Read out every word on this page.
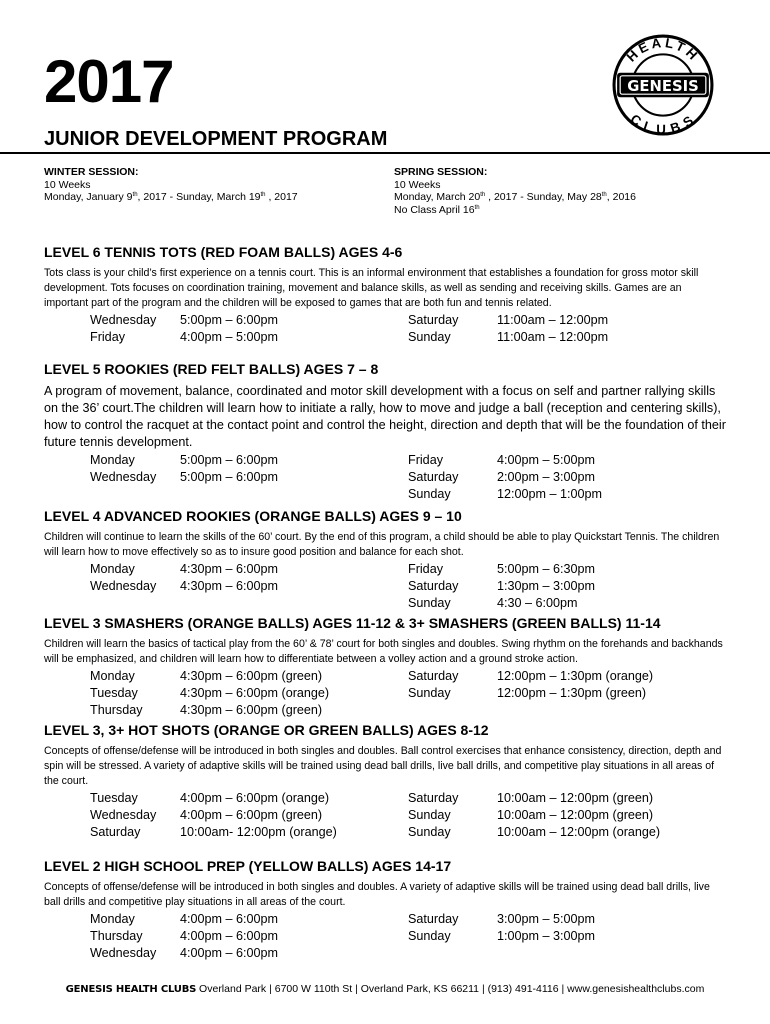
2017	HEALTH
CLUBS
GENESIS
JUNIOR DEVELOPMENT PROGRAM
WINTER SESSION:
10 Weeks
Monday, January 9th, 2017 - Sunday, March 19th , 2017
SPRING SESSION:
10 Weeks
Monday, March 20th , 2017 - Sunday, May 28th, 2016
No Class April 16th
LEVEL 6 TENNIS TOTS (RED FOAM BALLS) AGES 4-6

Tots class is your child’s first experience on a tennis court. This is an informal environment that establishes a foundation for gross motor skill development. Tots focuses on coordination training, movement and balance skills, as well as sending and receiving skills. Games are an important part of the program and the children will be exposed to games that are both fun and tennis related.

Wednesday 5:00pm – 6:00pm	Saturday	11:00am – 12:00pm
Friday	4:00pm – 5:00pm	Sunday	11:00am – 12:00pm
LEVEL 5 ROOKIES (RED FELT BALLS) AGES 7 – 8

A program of movement, balance, coordinated and motor skill development with a focus on self and partner rallying skills on the 36’ court.The children will learn how to initiate a rally, how to move and judge a ball (reception and centering skills), how to control the racquet at the contact point and control the height, direction and depth that will be the foundation of their future tennis development.

Monday	5:00pm – 6:00pm	Friday	4:00pm – 5:00pm
Wednesday 5:00pm – 6:00pm	Saturday	2:00pm – 3:00pm
Sunday	12:00pm – 1:00pm
LEVEL 4 ADVANCED ROOKIES (ORANGE BALLS) AGES 9 – 10

Children will continue to learn the skills of the 60’ court. By the end of this program, a child should be able to play Quickstart Tennis. The children will learn how to move effectively so as to insure good position and balance for each shot.

Monday	4:30pm – 6:00pm	Friday	5:00pm – 6:30pm
Wednesday 4:30pm – 6:00pm	Saturday	1:30pm – 3:00pm
Sunday	4:30 – 6:00pm
LEVEL 3 SMASHERS (ORANGE BALLS) AGES 11-12 & 3+ SMASHERS (GREEN BALLS) 11-14

Children will learn the basics of tactical play from the 60’ & 78’ court for both singles and doubles. Swing rhythm on the forehands and backhands will be emphasized, and children will learn how to differentiate between a volley action and a ground stroke action.

Monday	4:30pm – 6:00pm (green)	Saturday	12:00pm – 1:30pm (orange)
Tuesday	4:30pm – 6:00pm (orange)	Sunday	12:00pm – 1:30pm (green)
Thursday	4:30pm – 6:00pm (green)
LEVEL 3, 3+ HOT SHOTS (ORANGE OR GREEN BALLS) AGES 8-12

Concepts of offense/defense will be introduced in both singles and doubles. Ball control exercises that enhance consistency, direction, depth and spin will be stressed. A variety of adaptive skills will be trained using dead ball drills, live ball drills, and competitive play situations in all areas of the court.

Tuesday	4:00pm – 6:00pm (orange)	Saturday	10:00am – 12:00pm (green)
Wednesday 4:00pm – 6:00pm (green)	Sunday	10:00am – 12:00pm (green)
Saturday	10:00am- 12:00pm (orange)	Sunday	10:00am – 12:00pm (orange)
LEVEL 2 HIGH SCHOOL PREP (YELLOW BALLS) AGES 14-17

Concepts of offense/defense will be introduced in both singles and doubles. A variety of adaptive skills will be trained using dead ball drills, live ball drills and competitive play situations in all areas of the court.

Monday	4:00pm – 6:00pm	Saturday	3:00pm – 5:00pm
Thursday	4:00pm – 6:00pm	Sunday	1:00pm – 3:00pm
Wednesday 4:00pm – 6:00pm
GENESIS HEALTH CLUBS Overland Park | 6700 W 110th St | Overland Park, KS 66211 | (913) 491-4116 | www.genesishealthclubs.com
